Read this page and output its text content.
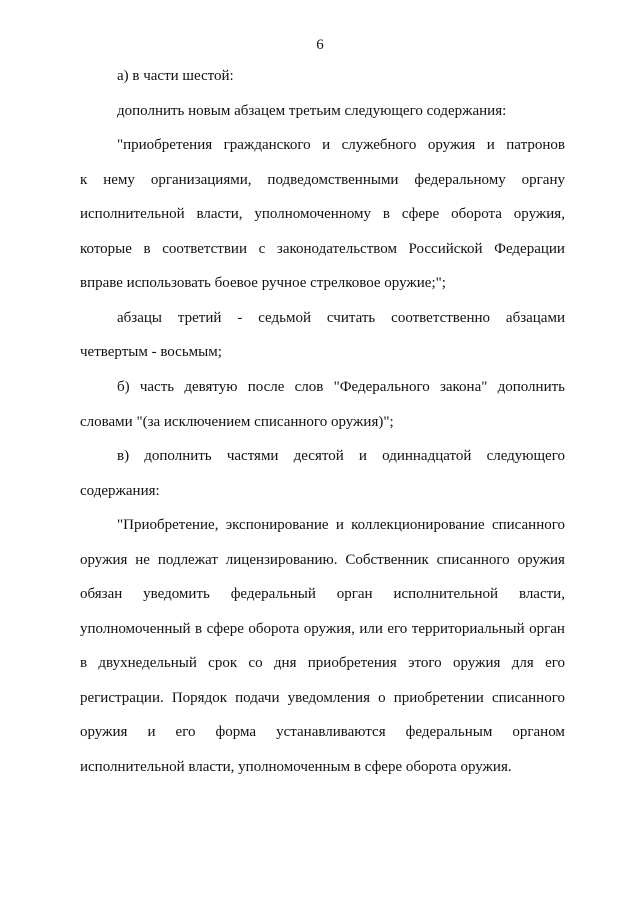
6
а) в части шестой:
дополнить новым абзацем третьим следующего содержания:
"приобретения гражданского и служебного оружия и патронов
к нему организациями, подведомственными федеральному органу
исполнительной власти, уполномоченному в сфере оборота оружия,
которые в соответствии с законодательством Российской Федерации
вправе использовать боевое ручное стрелковое оружие;";
абзацы третий - седьмой считать соответственно абзацами
четвертым - восьмым;
б) часть девятую после слов "Федерального закона" дополнить
словами "(за исключением списанного оружия)";
в) дополнить частями десятой и одиннадцатой следующего
содержания:
"Приобретение, экспонирование и коллекционирование списанного
оружия не подлежат лицензированию. Собственник списанного оружия
обязан уведомить федеральный орган исполнительной власти,
уполномоченный в сфере оборота оружия, или его территориальный орган
в двухнедельный срок со дня приобретения этого оружия для его
регистрации. Порядок подачи уведомления о приобретении списанного
оружия и его форма устанавливаются федеральным органом
исполнительной власти, уполномоченным в сфере оборота оружия.
